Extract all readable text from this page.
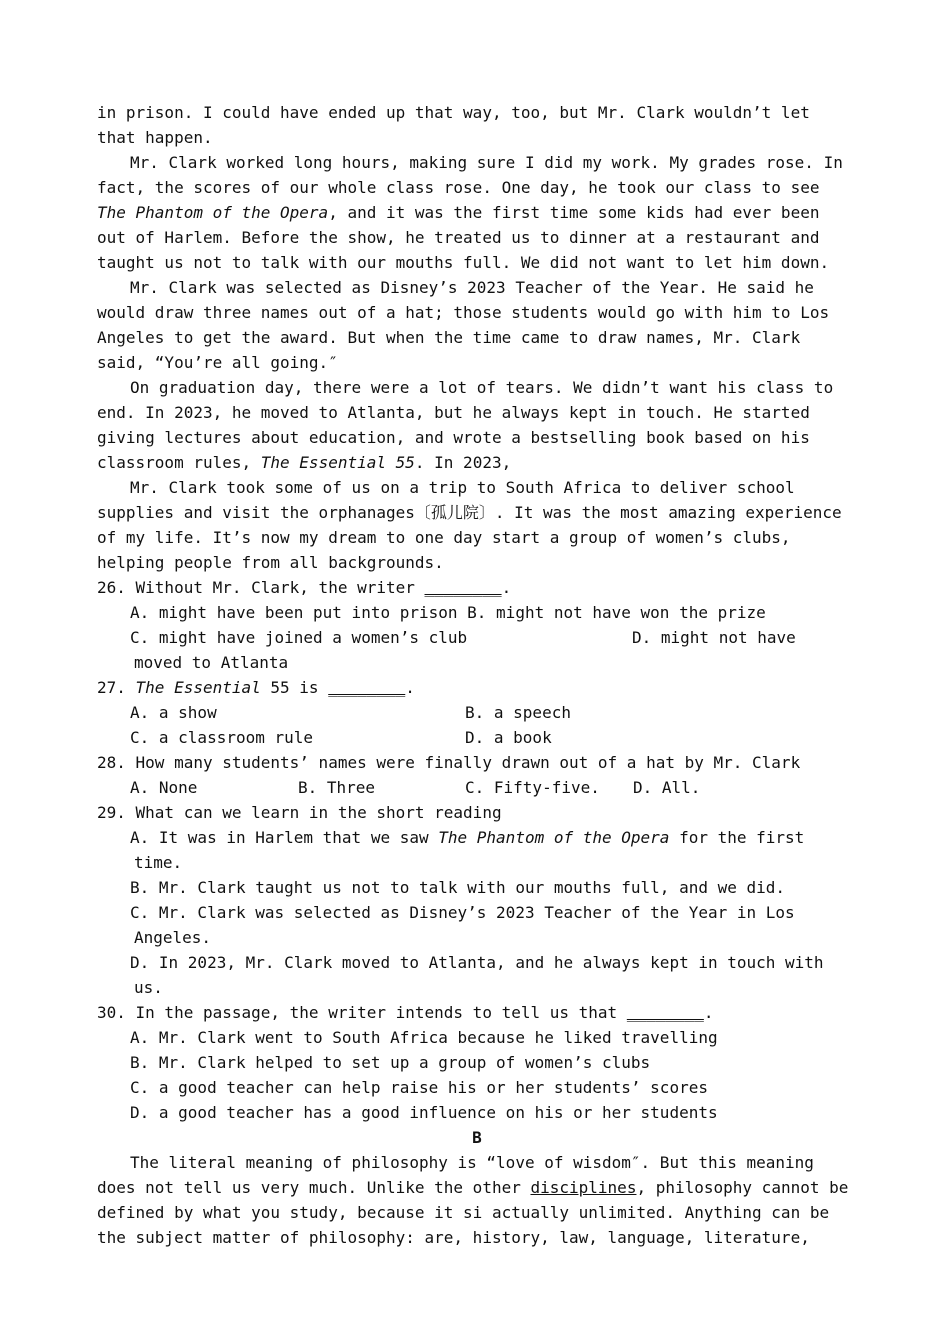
in prison. I could have ended up that way, too, but Mr. Clark wouldn’t let

that happen.

Mr. Clark worked long hours, making sure I did my work. My grades rose. In fact, the scores of our whole class rose. One day, he took our class to see The Phantom of the Opera, and it was the first time some kids had ever been out of Harlem. Before the show, he treated us to dinner at a restaurant and taught us not to talk with our mouths full. We did not want to let him down.

Mr. Clark was selected as Disney’s 2023 Teacher of the Year. He said he would draw three names out of a hat; those students would go with him to Los Angeles to get the award. But when the time came to draw names, Mr. Clark said, “You’re all going.″

On graduation day, there were a lot of tears. We didn’t want his class to end. In 2023, he moved to Atlanta, but he always kept in touch. He started giving lectures about education, and wrote a bestselling book based on his classroom rules, The Essential 55. In 2023,

Mr. Clark took some of us on a trip to South Africa to deliver school supplies and visit the orphanages〔孤儿院〕. It was the most amazing experience of my life. It’s now my dream to one day start a group of women’s clubs, helping people from all backgrounds.

26. Without Mr. Clark, the writer ________.

A. might have been put into prison B. might not have won the prize

C. might have joined a women’s club	D. might not have

moved to Atlanta

27. The Essential 55 is ________.

A. a show	B. a speech

C. a classroom rule	D. a book

28. How many students’ names were finally drawn out of a hat by Mr. Clark

A. None	B. Three	C. Fifty-five.	D. All.

29. What can we learn in the short reading

A. It was in Harlem that we saw The Phantom of the Opera for the first

time.

B. Mr. Clark taught us not to talk with our mouths full, and we did.

C. Mr. Clark was selected as Disney’s 2023 Teacher of the Year in Los

Angeles.

D. In 2023, Mr. Clark moved to Atlanta, and he always kept in touch with

us.

30. In the passage, the writer intends to tell us that ________.

A. Mr. Clark went to South Africa because he liked travelling

B. Mr. Clark helped to set up a group of women’s clubs

C. a good teacher can help raise his or her students’ scores

D. a good teacher has a good influence on his or her students

B

The literal meaning of philosophy is “love of wisdom″. But this meaning does not tell us very much. Unlike the other disciplines, philosophy cannot be defined by what you study, because it si actually unlimited. Anything can be the subject matter of philosophy: are, history, law, language, literature,
